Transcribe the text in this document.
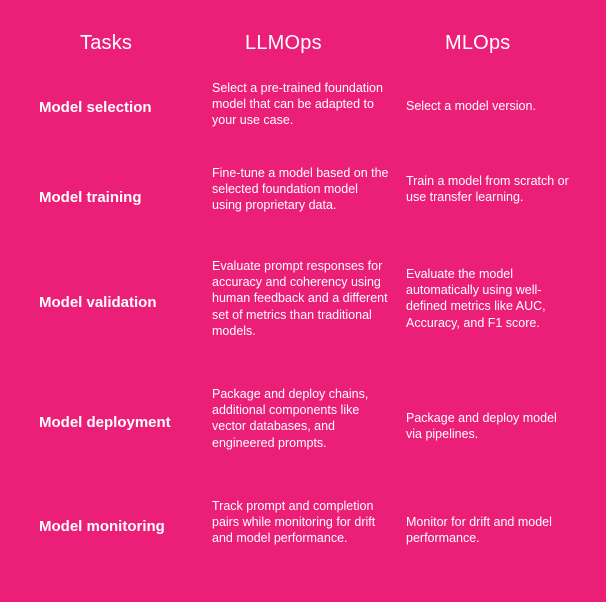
Tasks	LLMOps	MLOps
Model selection
Select a pre-trained foundation model that can be adapted to your use case.
Select a model version.
Model training
Fine-tune a model based on the selected foundation model using proprietary data.
Train a model from scratch or use transfer learning.
Model validation
Evaluate prompt responses for accuracy and coherency using human feedback and a different set of metrics than traditional models.
Evaluate the model automatically using well-defined metrics like AUC, Accuracy, and F1 score.
Model deployment
Package and deploy chains, additional components like vector databases, and engineered prompts.
Package and deploy model via pipelines.
Model monitoring
Track prompt and completion pairs while monitoring for drift and model performance.
Monitor for drift and model performance.
